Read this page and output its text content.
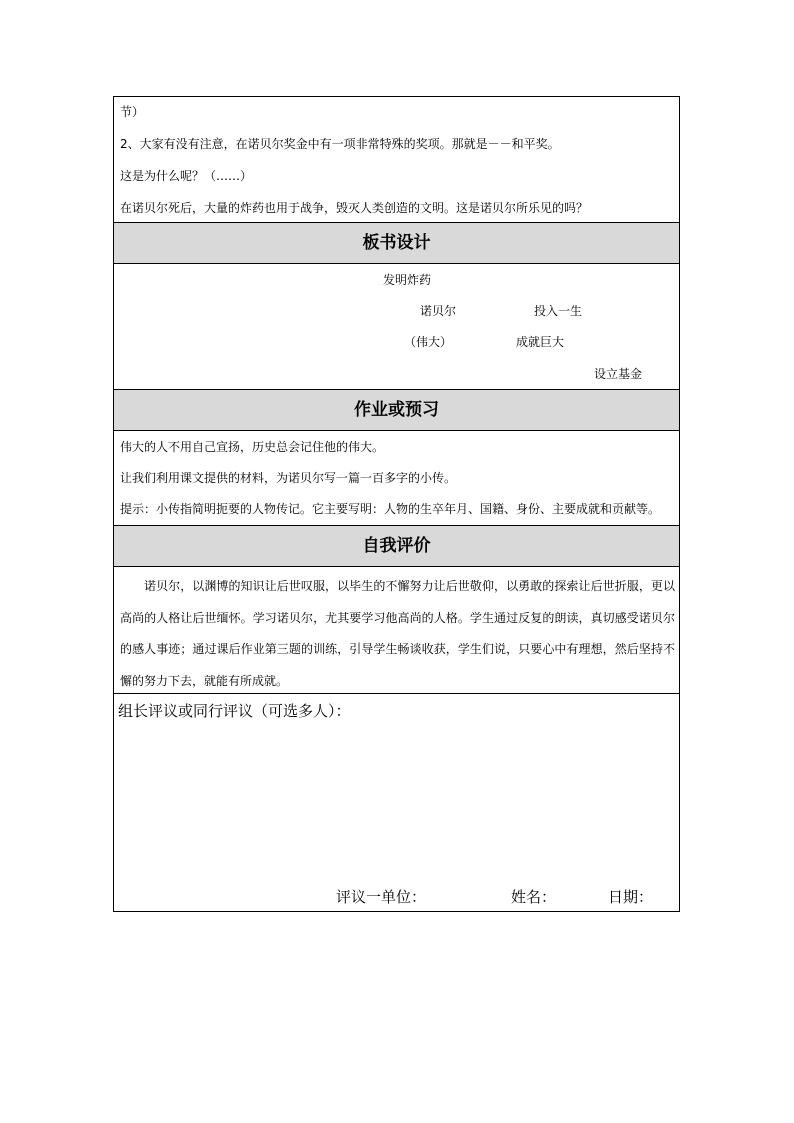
节）
2、大家有没有注意，在诺贝尔奖金中有一项非常特殊的奖项。那就是－－和平奖。
这是为什么呢？（……）
在诺贝尔死后，大量的炸药也用于战争，毁灭人类创造的文明。这是诺贝尔所乐见的吗？
板书设计
发明炸药
诺贝尔	投入一生
（伟大）	成就巨大
设立基金
作业或预习
伟大的人不用自己宣扬，历史总会记住他的伟大。
让我们利用课文提供的材料，为诺贝尔写一篇一百多字的小传。
提示：小传指简明扼要的人物传记。它主要写明：人物的生卒年月、国籍、身份、主要成就和贡献等。
自我评价
诺贝尔，以渊博的知识让后世叹服，以毕生的不懈努力让后世敬仰，以勇敢的探索让后世折服，更以高尚的人格让后世缅怀。学习诺贝尔，尤其要学习他高尚的人格。学生通过反复的朗读，真切感受诺贝尔的感人事迹；通过课后作业第三题的训练，引导学生畅谈收获，学生们说，只要心中有理想，然后坚持不懈的努力下去，就能有所成就。
组长评议或同行评议（可选多人）：
评议一单位：	姓名：	日期：
